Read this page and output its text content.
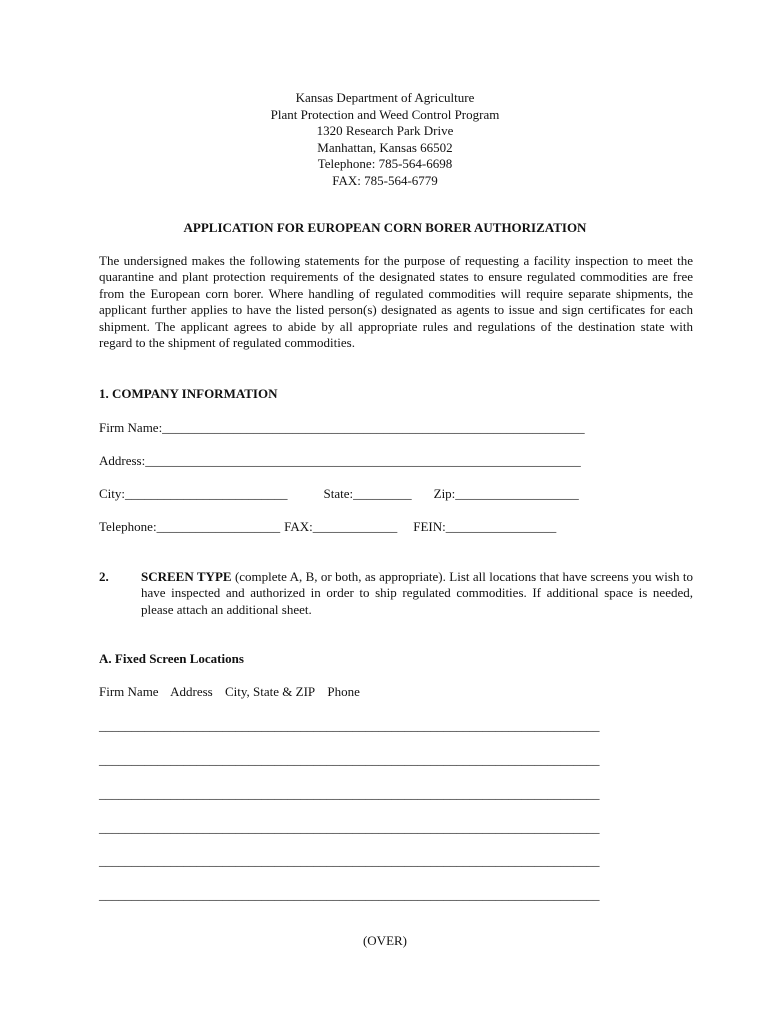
Kansas Department of Agriculture
Plant Protection and Weed Control Program
1320 Research Park Drive
Manhattan, Kansas 66502
Telephone: 785-564-6698
FAX: 785-564-6779
APPLICATION FOR EUROPEAN CORN BORER AUTHORIZATION
The undersigned makes the following statements for the purpose of requesting a facility inspection to meet the quarantine and plant protection requirements of the designated states to ensure regulated commodities are free from the European corn borer. Where handling of regulated commodities will require separate shipments, the applicant further applies to have the listed person(s) designated as agents to issue and sign certificates for each shipment. The applicant agrees to abide by all appropriate rules and regulations of the destination state with regard to the shipment of regulated commodities.
1. COMPANY INFORMATION
Firm Name:_________________________________________________________________
Address:___________________________________________________________________
City:_________________________	State:_________ Zip:___________________
Telephone:___________________ FAX:_____________ FEIN:_________________
2. SCREEN TYPE (complete A, B, or both, as appropriate). List all locations that have screens you wish to have inspected and authorized in order to ship regulated commodities. If additional space is needed, please attach an additional sheet.
A. Fixed Screen Locations
Firm Name Address City, State & ZIP Phone
_____________________________________________________________________________
_____________________________________________________________________________
_____________________________________________________________________________
_____________________________________________________________________________
_____________________________________________________________________________
_____________________________________________________________________________
(OVER)
